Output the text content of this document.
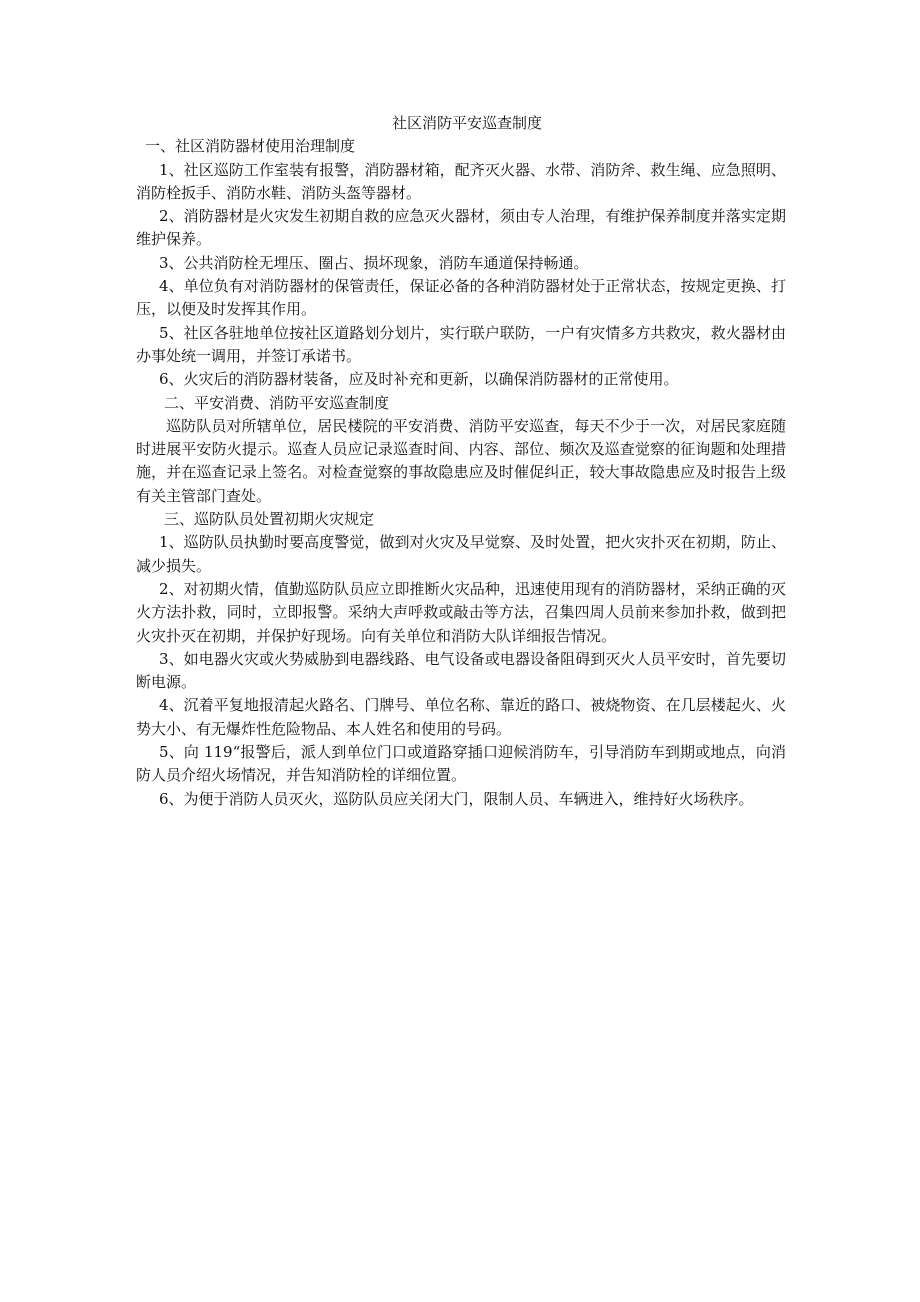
社区消防平安巡查制度

一、社区消防器材使用治理制度

1、社区巡防工作室装有报警，消防器材箱，配齐灭火器、水带、消防斧、救生绳、应急照明、消防栓扳手、消防水鞋、消防头盔等器材。

2、消防器材是火灾发生初期自救的应急灭火器材，须由专人治理，有维护保养制度并落实定期维护保养。

3、公共消防栓无埋压、圈占、损坏现象，消防车通道保持畅通。

4、单位负有对消防器材的保管责任，保证必备的各种消防器材处于正常状态，按规定更换、打压，以便及时发挥其作用。

5、社区各驻地单位按社区道路划分划片，实行联户联防，一户有灾情多方共救灾，救火器材由办事处统一调用，并签订承诺书。

6、火灾后的消防器材装备，应及时补充和更新，以确保消防器材的正常使用。

二、平安消费、消防平安巡查制度

巡防队员对所辖单位，居民楼院的平安消费、消防平安巡查，每天不少于一次，对居民家庭随时进展平安防火提示。巡查人员应记录巡查时间、内容、部位、频次及巡查觉察的征询题和处理措施，并在巡查记录上签名。对检查觉察的事故隐患应及时催促纠正，较大事故隐患应及时报告上级有关主管部门查处。

三、巡防队员处置初期火灾规定

1、巡防队员执勤时要高度警觉，做到对火灾及早觉察、及时处置，把火灾扑灭在初期，防止、减少损失。

2、对初期火情，值勤巡防队员应立即推断火灾品种，迅速使用现有的消防器材，采纳正确的灭火方法扑救，同时，立即报警。采纳大声呼救或敲击等方法，召集四周人员前来参加扑救，做到把火灾扑灭在初期，并保护好现场。向有关单位和消防大队详细报告情况。

3、如电器火灾或火势威胁到电器线路、电气设备或电器设备阻碍到灭火人员平安时，首先要切断电源。

4、沉着平复地报清起火路名、门牌号、单位名称、靠近的路口、被烧物资、在几层楼起火、火势大小、有无爆炸性危险物品、本人姓名和使用的号码。

5、向 119“报警后，派人到单位门口或道路穿插口迎候消防车，引导消防车到期或地点，向消防人员介绍火场情况，并告知消防栓的详细位置。

6、为便于消防人员灭火，巡防队员应关闭大门，限制人员、车辆进入，维持好火场秩序。
